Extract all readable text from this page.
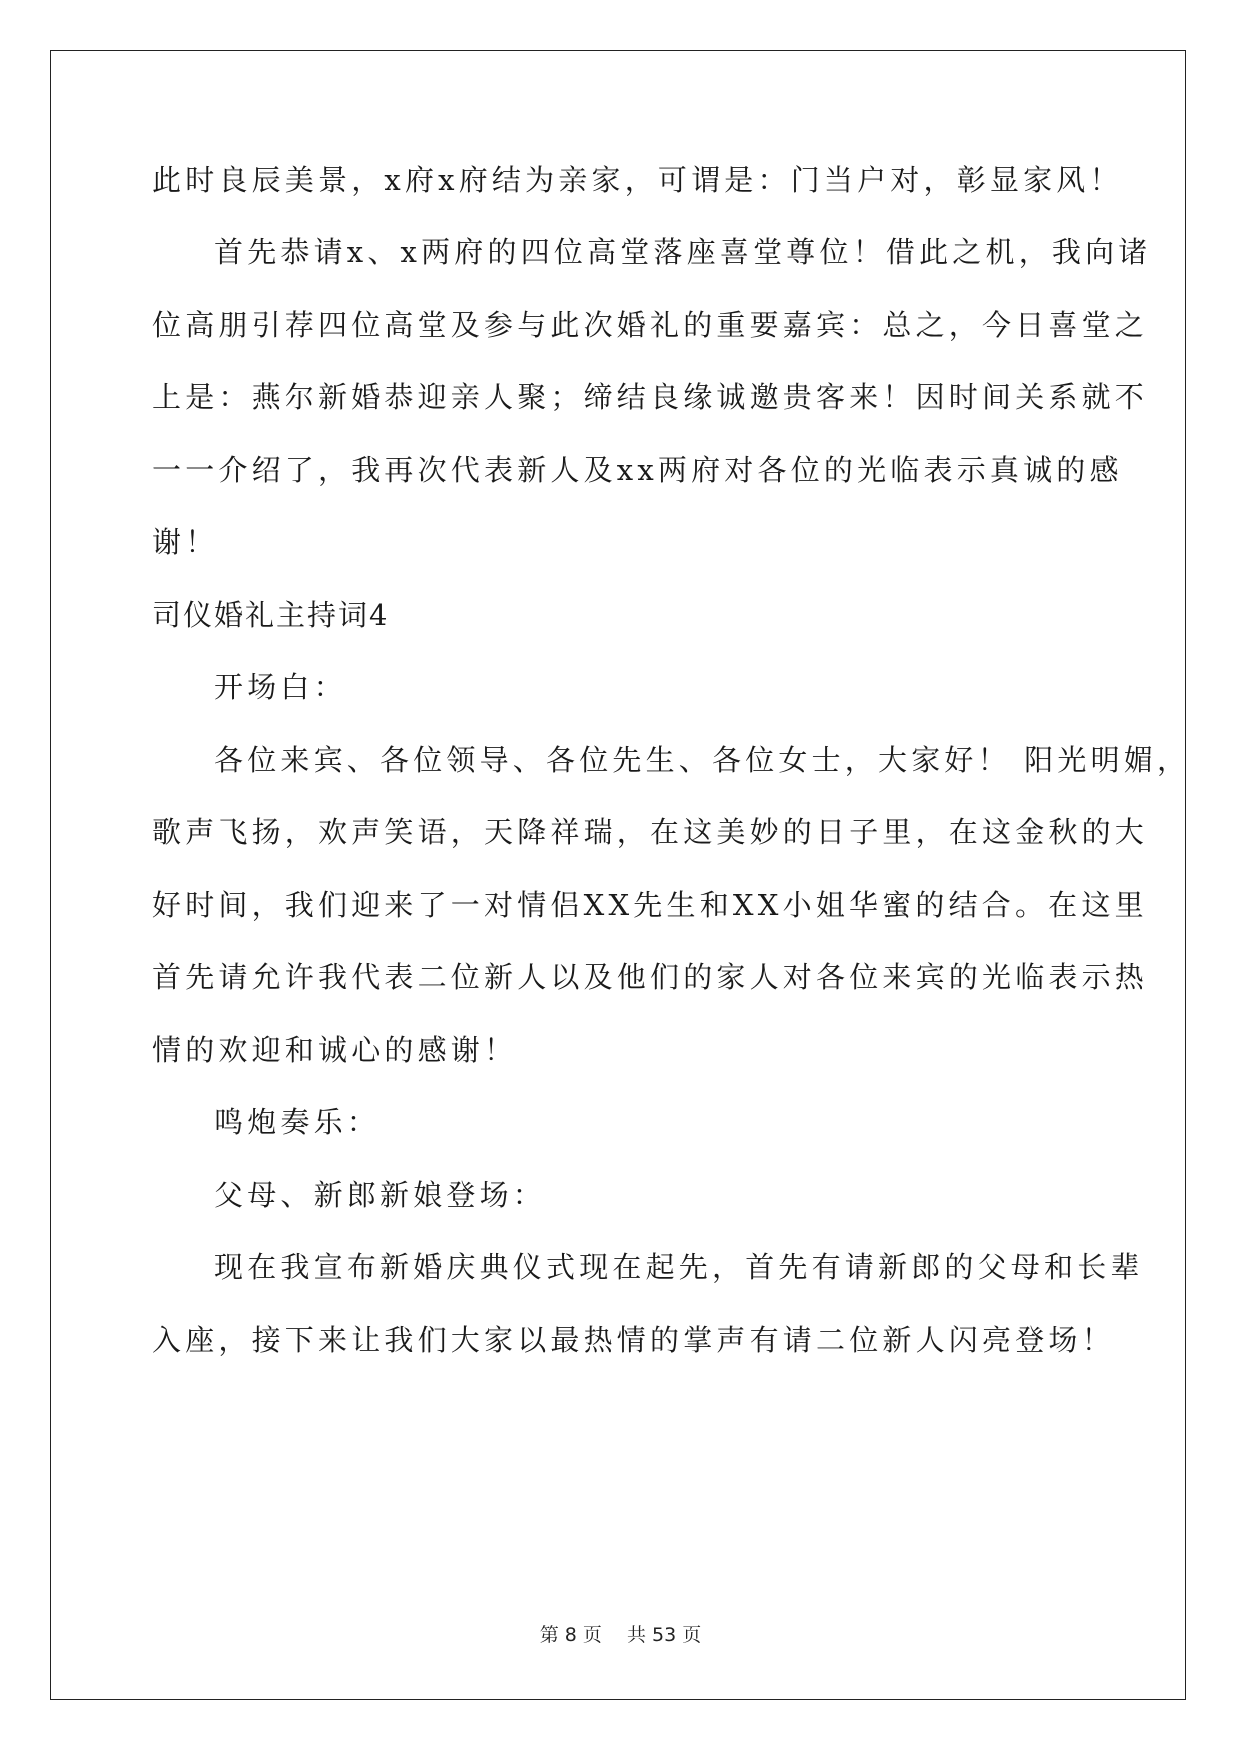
此时良辰美景，x府x府结为亲家，可谓是：门当户对，彰显家风！
首先恭请x、x两府的四位高堂落座喜堂尊位！借此之机，我向诸
位高朋引荐四位高堂及参与此次婚礼的重要嘉宾：总之，今日喜堂之
上是：燕尔新婚恭迎亲人聚；缔结良缘诚邀贵客来！因时间关系就不
一一介绍了，我再次代表新人及xx两府对各位的光临表示真诚的感
谢！
司仪婚礼主持词4
开场白：
各位来宾、各位领导、各位先生、各位女士，大家好！ 阳光明媚，
歌声飞扬，欢声笑语，天降祥瑞，在这美妙的日子里，在这金秋的大
好时间，我们迎来了一对情侣XX先生和XX小姐华蜜的结合。在这里
首先请允许我代表二位新人以及他们的家人对各位来宾的光临表示热
情的欢迎和诚心的感谢！
鸣炮奏乐：
父母、新郎新娘登场：
现在我宣布新婚庆典仪式现在起先，首先有请新郎的父母和长辈
入座，接下来让我们大家以最热情的掌声有请二位新人闪亮登场！
第 8 页　 共 53 页
